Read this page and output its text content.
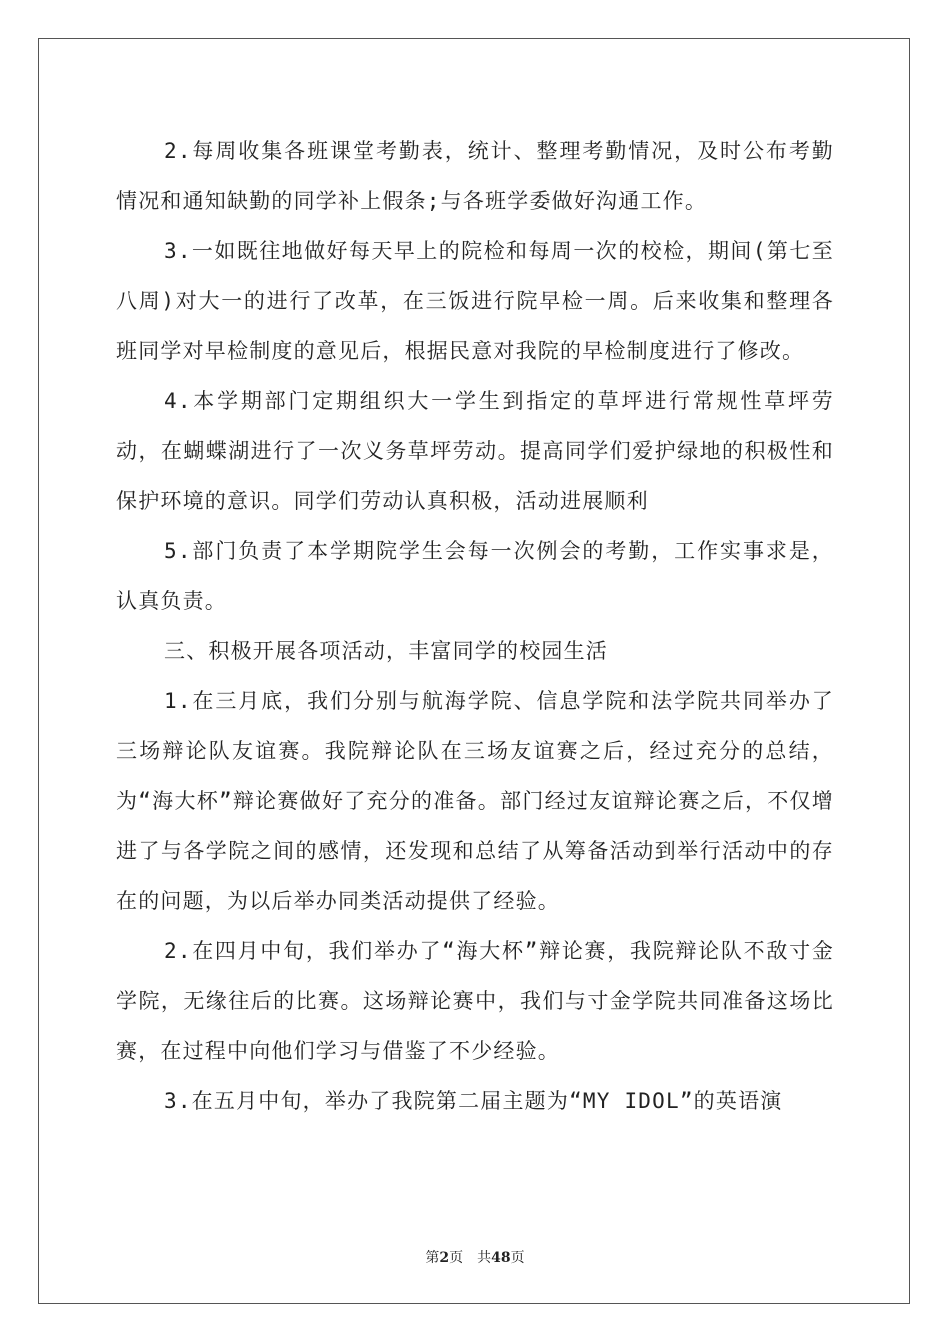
2.每周收集各班课堂考勤表，统计、整理考勤情况，及时公布考勤情况和通知缺勤的同学补上假条;与各班学委做好沟通工作。

3.一如既往地做好每天早上的院检和每周一次的校检，期间(第七至八周)对大一的进行了改革，在三饭进行院早检一周。后来收集和整理各班同学对早检制度的意见后，根据民意对我院的早检制度进行了修改。

4.本学期部门定期组织大一学生到指定的草坪进行常规性草坪劳动，在蝴蝶湖进行了一次义务草坪劳动。提高同学们爱护绿地的积极性和保护环境的意识。同学们劳动认真积极，活动进展顺利

5.部门负责了本学期院学生会每一次例会的考勤，工作实事求是，认真负责。

三、积极开展各项活动，丰富同学的校园生活

1.在三月底，我们分别与航海学院、信息学院和法学院共同举办了三场辩论队友谊赛。我院辩论队在三场友谊赛之后，经过充分的总结，为“海大杯”辩论赛做好了充分的准备。部门经过友谊辩论赛之后，不仅增进了与各学院之间的感情，还发现和总结了从筹备活动到举行活动中的存在的问题，为以后举办同类活动提供了经验。

2.在四月中旬，我们举办了“海大杯”辩论赛，我院辩论队不敌寸金学院，无缘往后的比赛。这场辩论赛中，我们与寸金学院共同准备这场比赛，在过程中向他们学习与借鉴了不少经验。

3.在五月中旬，举办了我院第二届主题为“MY IDOL”的英语演

第2页 共48页
